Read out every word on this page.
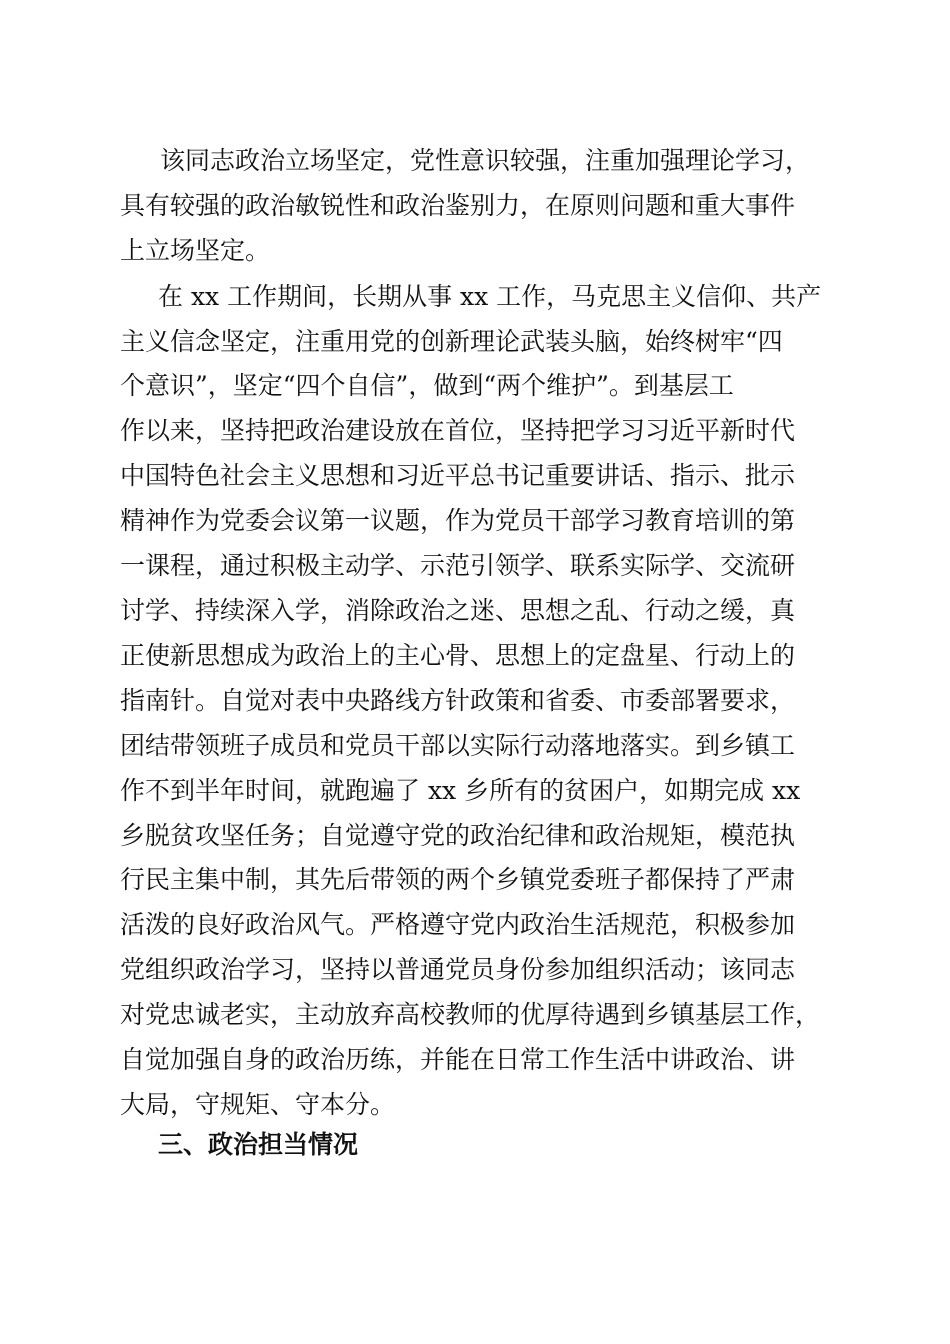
该同志政治立场坚定，党性意识较强，注重加强理论学习，
具有较强的政治敏锐性和政治鉴别力，在原则问题和重大事件
上立场坚定。
在 xx 工作期间，长期从事 xx 工作，马克思主义信仰、共产
主义信念坚定，注重用党的创新理论武装头脑，始终树牢“四
个意识”，坚定“四个自信”，做到“两个维护”。到基层工
作以来，坚持把政治建设放在首位，坚持把学习习近平新时代
中国特色社会主义思想和习近平总书记重要讲话、指示、批示
精神作为党委会议第一议题，作为党员干部学习教育培训的第
一课程，通过积极主动学、示范引领学、联系实际学、交流研
讨学、持续深入学，消除政治之迷、思想之乱、行动之缓，真
正使新思想成为政治上的主心骨、思想上的定盘星、行动上的
指南针。自觉对表中央路线方针政策和省委、市委部署要求，
团结带领班子成员和党员干部以实际行动落地落实。到乡镇工
作不到半年时间，就跑遍了 xx 乡所有的贫困户，如期完成 xx
乡脱贫攻坚任务；自觉遵守党的政治纪律和政治规矩，模范执
行民主集中制，其先后带领的两个乡镇党委班子都保持了严肃
活泼的良好政治风气。严格遵守党内政治生活规范，积极参加
党组织政治学习，坚持以普通党员身份参加组织活动；该同志
对党忠诚老实，主动放弃高校教师的优厚待遇到乡镇基层工作，
自觉加强自身的政治历练，并能在日常工作生活中讲政治、讲
大局，守规矩、守本分。
三、政治担当情况
